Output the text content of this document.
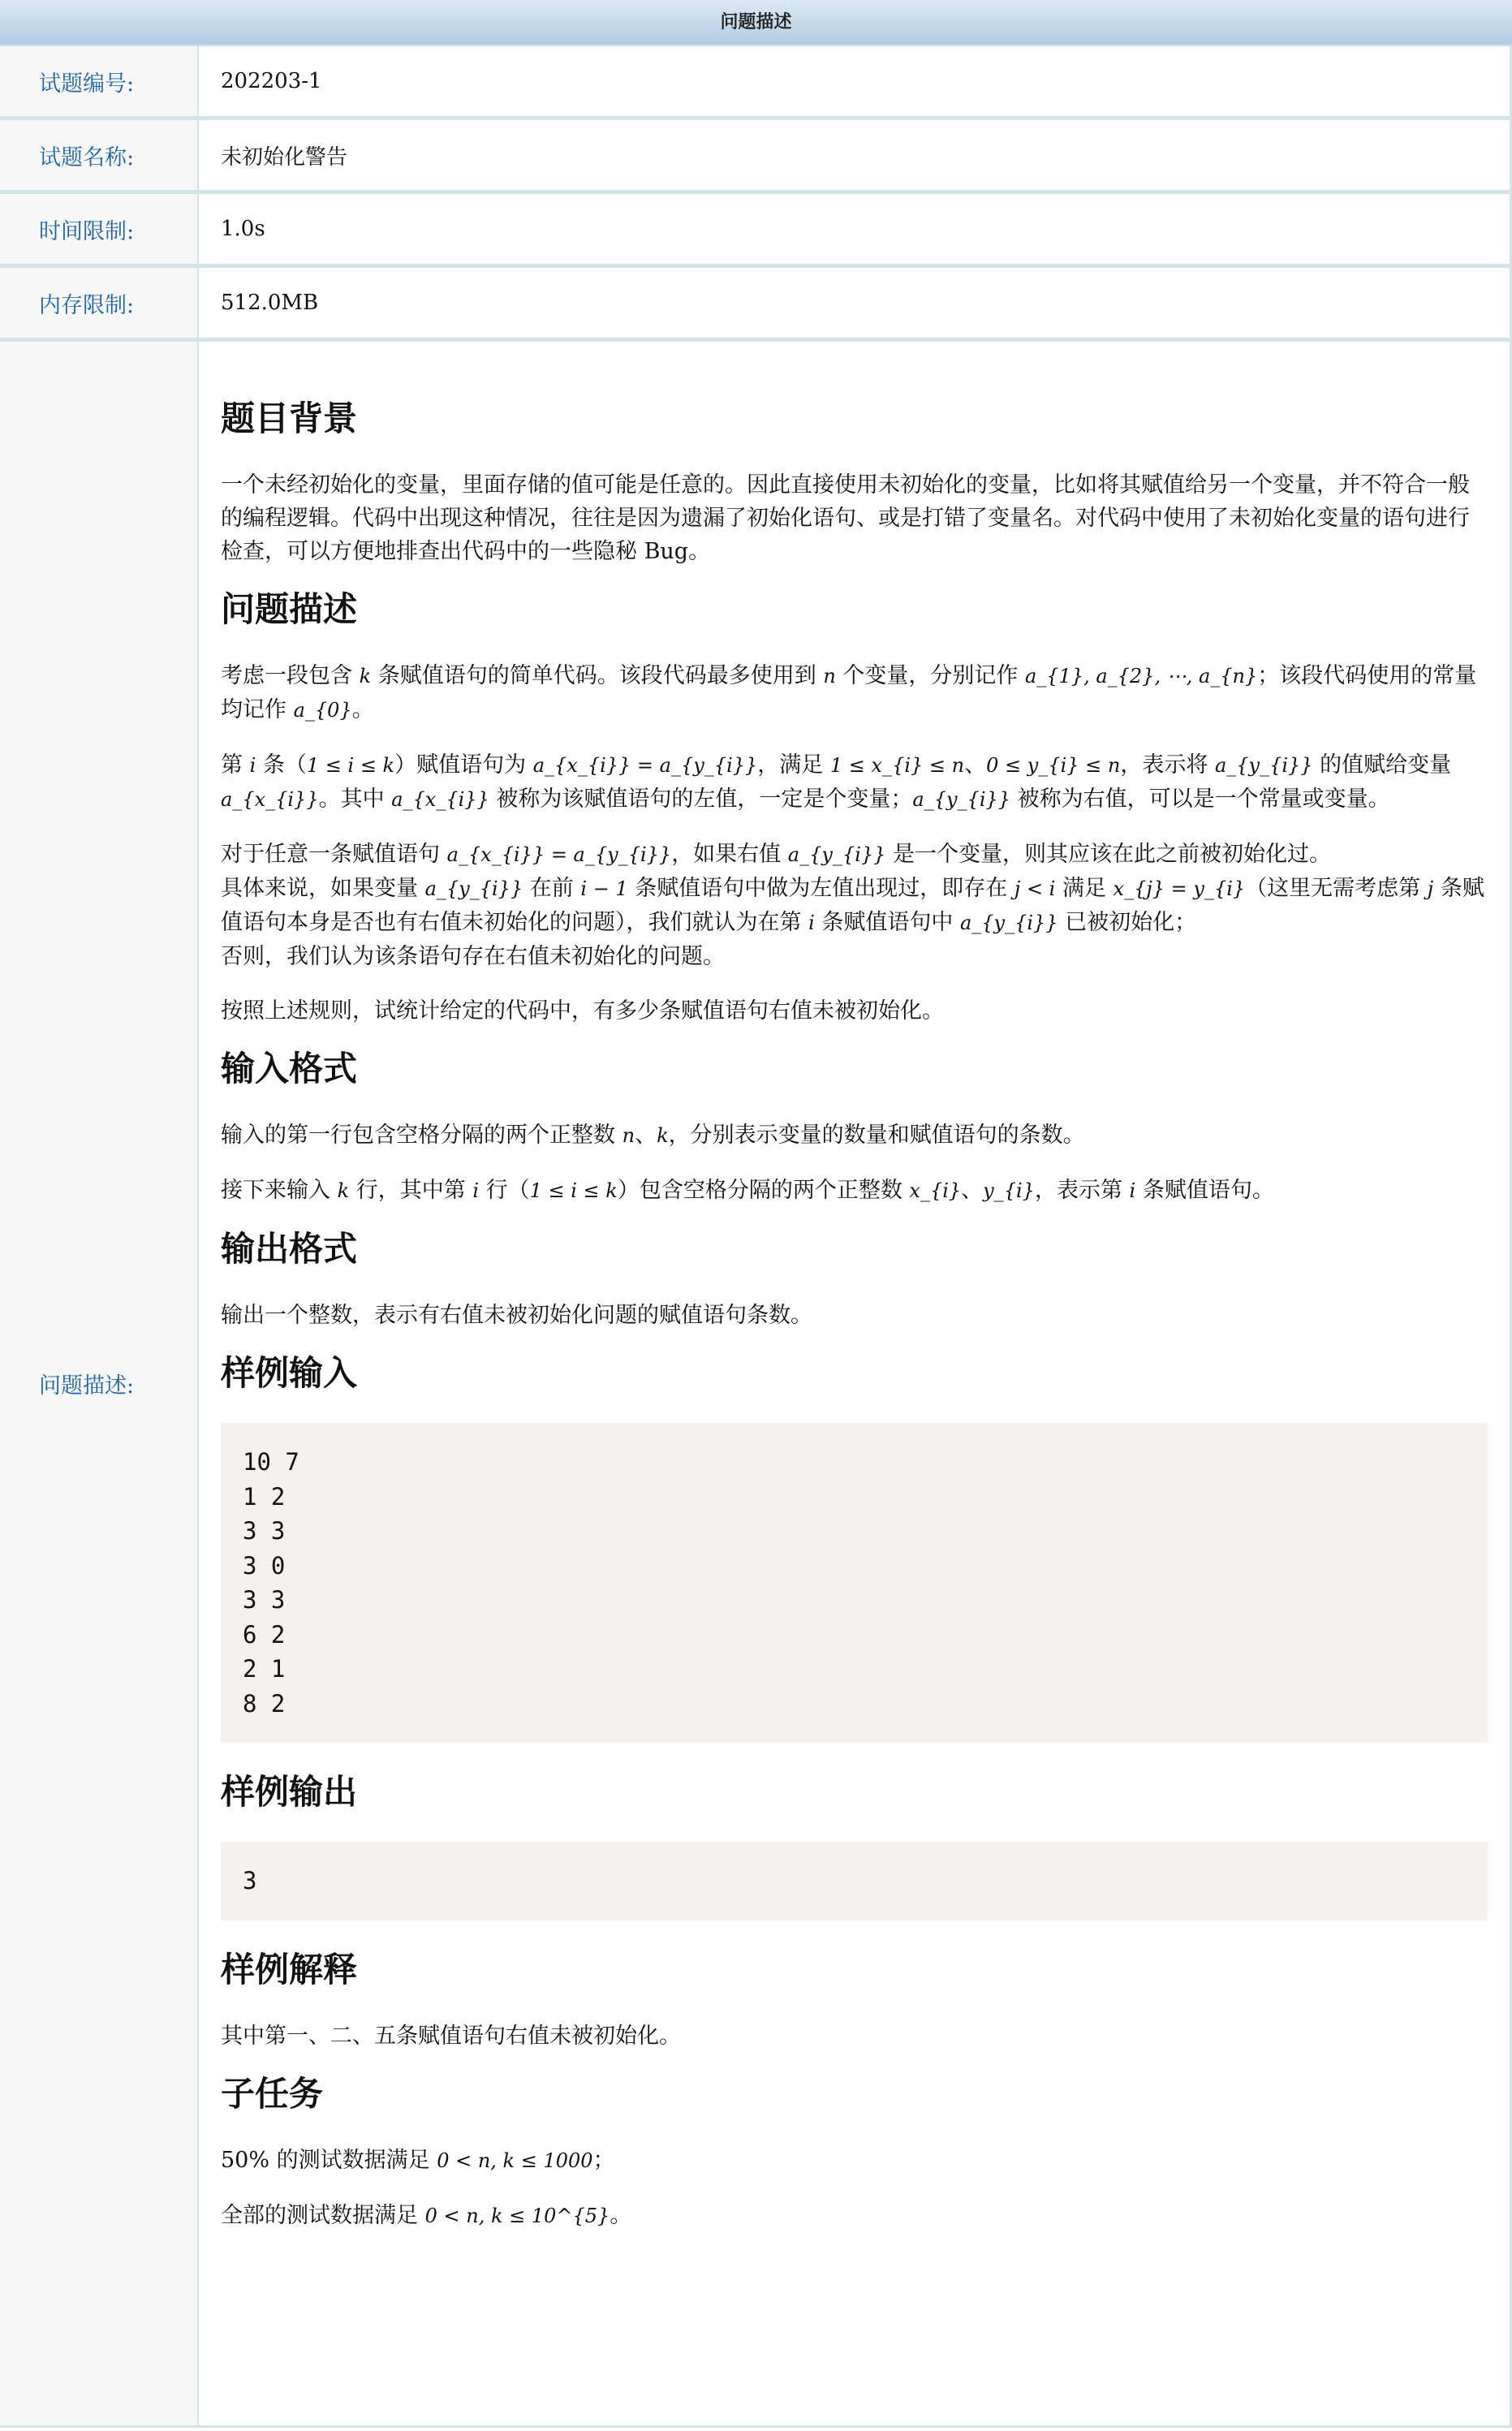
问题描述
试题编号:	202203-1
试题名称:	未初始化警告
时间限制:	1.0s
内存限制:	512.0MB
问题描述:
题目背景

一个未经初始化的变量，里面存储的值可能是任意的。因此直接使用未初始化的变量，比如将其赋值给另一个变量，并不符合一般的编程逻辑。代码中出现这种情况，往往是因为遗漏了初始化语句、或是打错了变量名。对代码中使用了未初始化变量的语句进行检查，可以方便地排查出代码中的一些隐秘 Bug。

问题描述

考虑一段包含 k 条赋值语句的简单代码。该段代码最多使用到 n 个变量，分别记作 a_{1}, a_{2}, ⋯, a_{n}；该段代码使用的常量均记作 a_{0}。

第 i 条（1 ≤ i ≤ k）赋值语句为 a_{x_{i}} = a_{y_{i}}，满足 1 ≤ x_{i} ≤ n、0 ≤ y_{i} ≤ n，表示将 a_{y_{i}} 的值赋给变量 a_{x_{i}}。其中 a_{x_{i}} 被称为该赋值语句的左值，一定是个变量；a_{y_{i}} 被称为右值，可以是一个常量或变量。

对于任意一条赋值语句 a_{x_{i}} = a_{y_{i}}，如果右值 a_{y_{i}} 是一个变量，则其应该在此之前被初始化过。
具体来说，如果变量 a_{y_{i}} 在前 i − 1 条赋值语句中做为左值出现过，即存在 j < i 满足 x_{j} = y_{i}（这里无需考虑第 j 条赋值语句本身是否也有右值未初始化的问题），我们就认为在第 i 条赋值语句中 a_{y_{i}} 已被初始化；
否则，我们认为该条语句存在右值未初始化的问题。

按照上述规则，试统计给定的代码中，有多少条赋值语句右值未被初始化。

输入格式

输入的第一行包含空格分隔的两个正整数 n、k，分别表示变量的数量和赋值语句的条数。

接下来输入 k 行，其中第 i 行（1 ≤ i ≤ k）包含空格分隔的两个正整数 x_{i}、y_{i}，表示第 i 条赋值语句。

输出格式

输出一个整数，表示有右值未被初始化问题的赋值语句条数。

样例输入
10 7
1 2
3 3
3 0
3 3
6 2
2 1
8 2
样例输出
3
样例解释

其中第一、二、五条赋值语句右值未被初始化。

子任务

50% 的测试数据满足 0 < n, k ≤ 1000；

全部的测试数据满足 0 < n, k ≤ 10^{5}。
